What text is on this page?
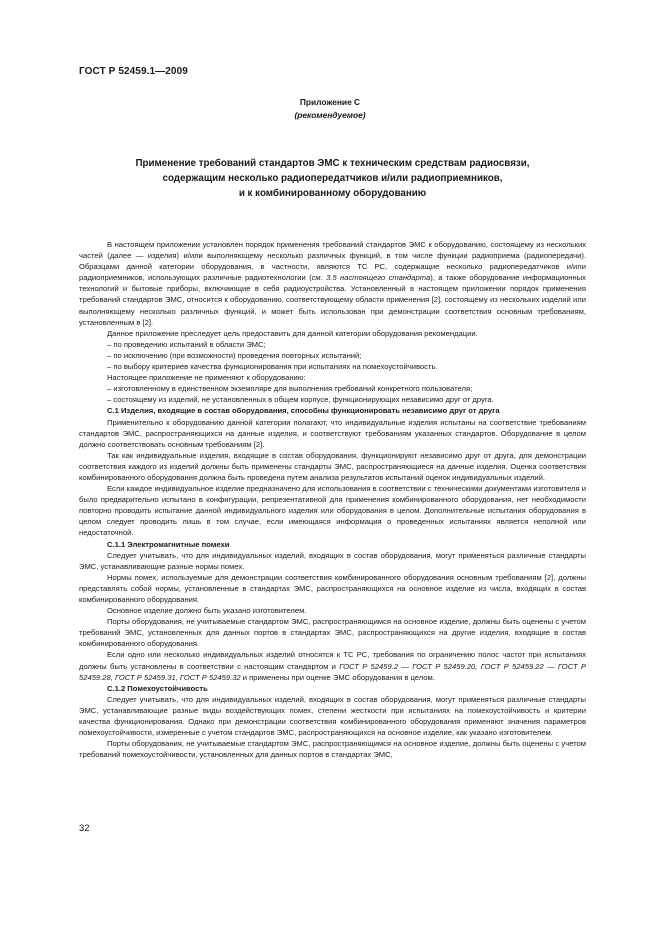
ГОСТ Р 52459.1—2009
Приложение С
(рекомендуемое)
Применение требований стандартов ЭМС к техническим средствам радиосвязи,
содержащим несколько радиопередатчиков и/или радиоприемников,
и к комбинированному оборудованию

В настоящем приложении установлен порядок применения требований стандартов ЭМС к оборудованию, состоящему из нескольких частей (далее — изделия) и/или выполняющему несколько различных функций, в том числе функции радиоприема (радиопередачи). Образцами данной категории оборудования, в частности, являются ТС РС, содержащие несколько радиопередатчиков и/или радиоприемников, использующих различные радиотехнологии (см. 3.5 настоящего стандарта), а также оборудование информационных технологий и бытовые приборы, включающие в себя радиоустройства. Установленный в настоящем приложении порядок применения требований стандартов ЭМС, относится к оборудованию, соответствующему области применения [2], состоящему из нескольких изделий или выполняющему несколько различных функций, и может быть использован при демонстрации соответствия основным требованиям, установленным в [2].

Данное приложение преследует цель предоставить для данной категории оборудования рекомендации.

– по проведению испытаний в области ЭМС;

– по исключению (при возможности) проведения повторных испытаний;

– по выбору критериев качества функционирования при испытаниях на помехоустойчивость.

Настоящее приложение не применяют к оборудованию:

– изготовленному в единственном экземпляре для выполнения требований конкретного пользователя;

– состоящему из изделий, не установленных в общем корпусе, функционирующих независимо друг от друга.

С.1 Изделия, входящие в состав оборудования, способны функционировать независимо друг от друга

Применительно к оборудованию данной категории полагают, что индивидуальные изделия испытаны на соответствие требованиям стандартов ЭМС, распространяющихся на данные изделия, и соответствуют требованиям указанных стандартов. Оборудование в целом должно соответствовать основным требованиям [2].

Так как индивидуальные изделия, входящие в состав оборудования, функционируют независимо друг от друга, для демонстрации соответствия каждого из изделий должны быть применены стандарты ЭМС, распространяющиеся на данные изделия. Оценка соответствия комбинированного оборудования должна быть проведена путем анализа результатов испытаний оценок индивидуальных изделий.

Если каждое индивидуальное изделие предназначено для использования в соответствии с техническими документами изготовителя и было предварительно испытано в конфигурации, репрезентативной для применения комбинированного оборудования, нет необходимости повторно проводить испытание данной индивидуального изделия или оборудования в целом. Дополнительные испытания оборудования в целом следует проводить лишь в том случае, если имеющаяся информация о проведенных испытаниях является неполной или недостаточной.

С.1.1 Электромагнитные помехи

Следует учитывать, что для индивидуальных изделий, входящих в состав оборудования, могут применяться различные стандарты ЭМС, устанавливающие разные нормы помех.

Нормы помех, используемые для демонстрации соответствия комбинированного оборудования основным требованиям [2], должны представлять собой нормы, установленные в стандартах ЭМС, распространяющихся на основное изделие из числа, входящих в состав комбинированного оборудования.

Основное изделие должно быть указано изготовителем.

Порты оборудования, не учитываемые стандартом ЭМС, распространяющимся на основное изделие, должны быть оценены с учетом требований ЭМС, установленных для данных портов в стандартах ЭМС, распространяющихся на другие изделия, входящие в состав комбинированного оборудования.

Если одно или несколько индивидуальных изделий относятся к ТС РС, требования по ограничению полос частот при испытаниях должны быть установлены в соответствии с настоящим стандартом и ГОСТ Р 52459.2 — ГОСТ Р 52459.20, ГОСТ Р 52459.22 — ГОСТ Р 52459.28, ГОСТ Р 52459.31, ГОСТ Р 52459.32 и применены при оценке ЭМС оборудования в целом.

С.1.2 Помехоустойчивость

Следует учитывать, что для индивидуальных изделий, входящих в состав оборудования, могут применяться различные стандарты ЭМС, устанавливающие разные виды воздействующих помех, степени жесткости при испытаниях на помехоустойчивость и критерии качества функционирования. Однако при демонстрации соответствия комбинированного оборудования применяют значения параметров помехоустойчивости, измеренные с учетом стандартов ЭМС, распространяющихся на основное изделие, как указано изготовителем.

Порты оборудования, не учитываемые стандартом ЭМС, распространяющимся на основное изделие, должны быть оценены с учетом требований помехоустойчивости, установленных для данных портов в стандартах ЭМС,

32
